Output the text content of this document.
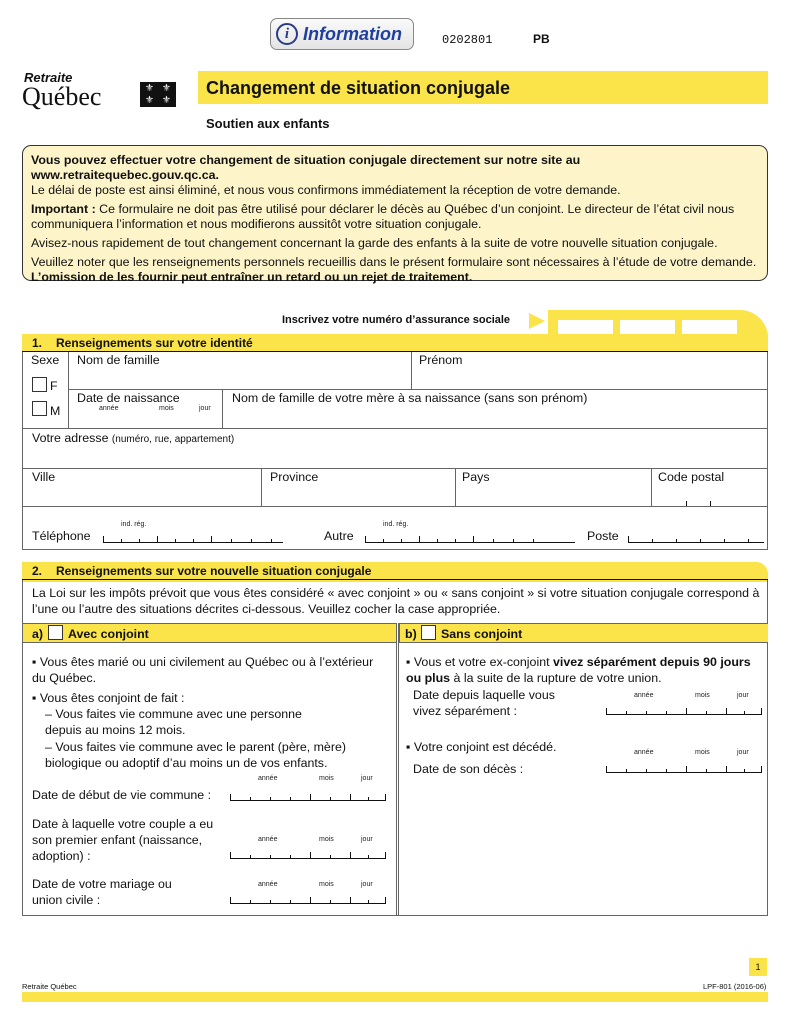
i Information	0202801	PB
Retraite
Québec	⚜ ⚜
⚜ ⚜
Changement de situation conjugale
Soutien aux enfants

Vous pouvez effectuer votre changement de situation conjugale directement sur notre site au www.retraitequebec.gouv.qc.ca.
Le délai de poste est ainsi éliminé, et nous vous confirmons immédiatement la réception de votre demande.

Important : Ce formulaire ne doit pas être utilisé pour déclarer le décès au Québec d’un conjoint. Le directeur de l’état civil nous communiquera l’information et nous modifierons aussitôt votre situation conjugale.

Avisez-nous rapidement de tout changement concernant la garde des enfants à la suite de votre nouvelle situation conjugale.

Veuillez noter que les renseignements personnels recueillis dans le présent formulaire sont nécessaires à l’étude de votre demande. L’omission de les fournir peut entraîner un retard ou un rejet de traitement.

Inscrivez votre numéro d’assurance sociale
1. Renseignements sur votre identité
Sexe
F
M
Nom de famille	Prénom
Date de naissance
année	mois	jour
Nom de famille de votre mère à sa naissance (sans son prénom)
Votre adresse (numéro, rue, appartement)
Ville	Province	Pays	Code postal
Téléphone
ind. rég.
Autre
ind. rég.
Poste
2. Renseignements sur votre nouvelle situation conjugale
La Loi sur les impôts prévoit que vous êtes considéré « avec conjoint » ou « sans conjoint » si votre situation conjugale correspond à l’une ou l’autre des situations décrites ci-dessous. Veuillez cocher la case appropriée.
a) Avec conjoint	b) Sans conjoint
▪ Vous êtes marié ou uni civilement au Québec ou à l’extérieur du Québec.
▪ Vous êtes conjoint de fait :
– Vous faites vie commune avec une personne depuis au moins 12 mois.
– Vous faites vie commune avec le parent (père, mère) biologique ou adoptif d’au moins un de vos enfants.
Date de début de vie commune :
année	mois	jour
Date à laquelle votre couple a eu son premier enfant (naissance, adoption) :
année	mois	jour
Date de votre mariage ou union civile :
année	mois	jour
▪ Vous et votre ex-conjoint vivez séparément depuis 90 jours ou plus à la suite de la rupture de votre union.
Date depuis laquelle vous vivez séparément :
année	mois	jour
▪ Votre conjoint est décédé.
Date de son décès :
année	mois	jour
1
Retraite Québec	LPF-801 (2016-06)
